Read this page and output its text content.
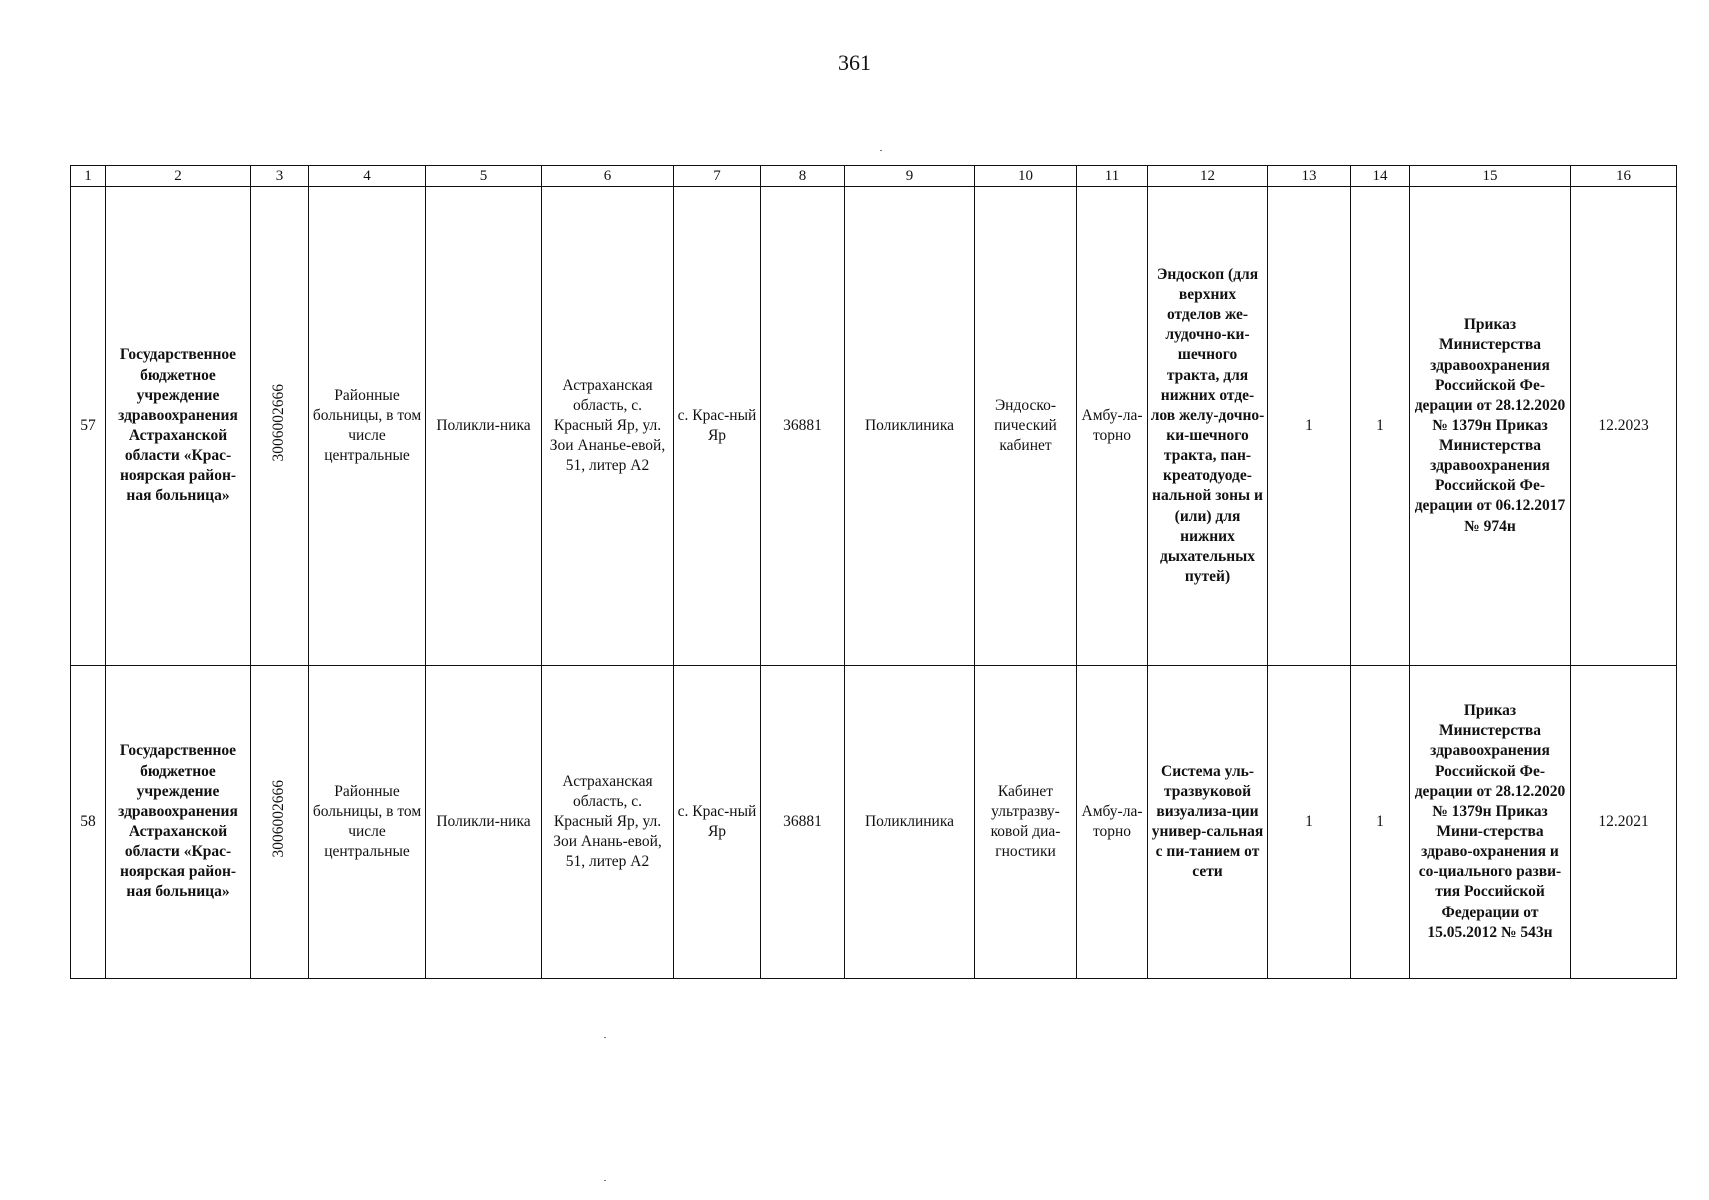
361
1	2	3	4	5	6	7	8	9	10	11	12	13	14	15	16
57	Государственное бюджетное учреждение здравоохранения Астраханской области «Крас-ноярская район-ная больница»	3006002666	Районные больницы, в том числе центральные	Поликли-ника	Астраханская область, с. Красный Яр, ул. Зои Ананье-евой, 51, литер А2	с. Крас-ный Яр	36881	Поликлиника	Эндоско-пический кабинет	Амбу-ла-торно	Эндоскоп (для верхних отделов же-лудочно-ки-шечного тракта, для нижних отде-лов желу-дочно-ки-шечного тракта, пан-креатодуоде-нальной зоны и (или) для нижних дыхательных путей)	1	1	Приказ Министерства здравоохранения Российской Фе-дерации от 28.12.2020 № 1379н Приказ Министерства здравоохранения Российской Фе-дерации от 06.12.2017 № 974н	12.2023
58	Государственное бюджетное учреждение здравоохранения Астраханской области «Крас-ноярская район-ная больница»	3006002666	Районные больницы, в том числе центральные	Поликли-ника	Астраханская область, с. Красный Яр, ул. Зои Анань-евой, 51, литер А2	с. Крас-ный Яр	36881	Поликлиника	Кабинет ультразву-ковой диа-гностики	Амбу-ла-торно	Система уль-тразвуковой визуализа-ции универ-сальная с пи-танием от сети	1	1	Приказ Министерства здравоохранения Российской Фе-дерации от 28.12.2020 № 1379н Приказ Мини-стерства здраво-охранения и со-циального разви-тия Российской Федерации от 15.05.2012 № 543н	12.2021
